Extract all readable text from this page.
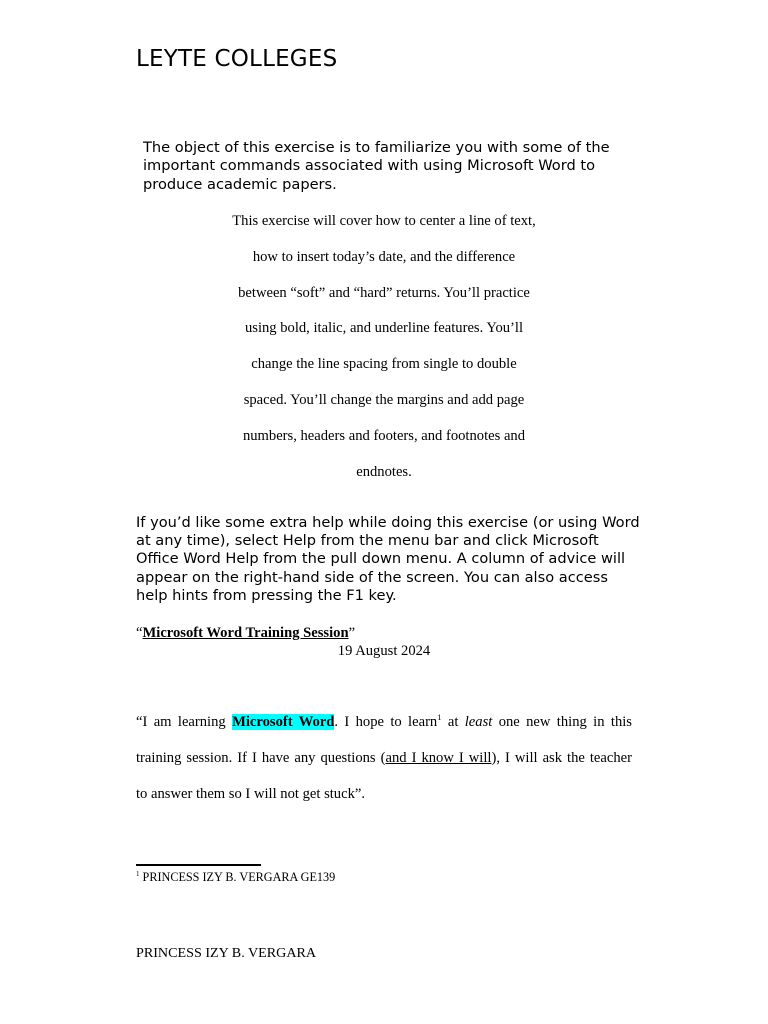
LEYTE COLLEGES

The object of this exercise is to familiarize you with some of the important commands associated with using Microsoft Word to produce academic papers.

This exercise will cover how to center a line of text,
how to insert today’s date, and the difference
between “soft” and “hard” returns. You’ll practice
using bold, italic, and underline features. You’ll
change the line spacing from single to double
spaced. You’ll change the margins and add page
numbers, headers and footers, and footnotes and
endnotes.

If you’d like some extra help while doing this exercise (or using Word at any time), select Help from the menu bar and click Microsoft Office Word Help from the pull down menu. A column of advice will appear on the right-hand side of the screen. You can also access help hints from pressing the F1 key.

“Microsoft Word Training Session”

19 August 2024

“I am learning Microsoft Word. I hope to learn$^1$ at least one new thing in this
training session. If I have any questions (and I know I will), I will ask the teacher
to answer them so I will not get stuck”.

$^1$ PRINCESS IZY B. VERGARA GE139

PRINCESS IZY B. VERGARA
